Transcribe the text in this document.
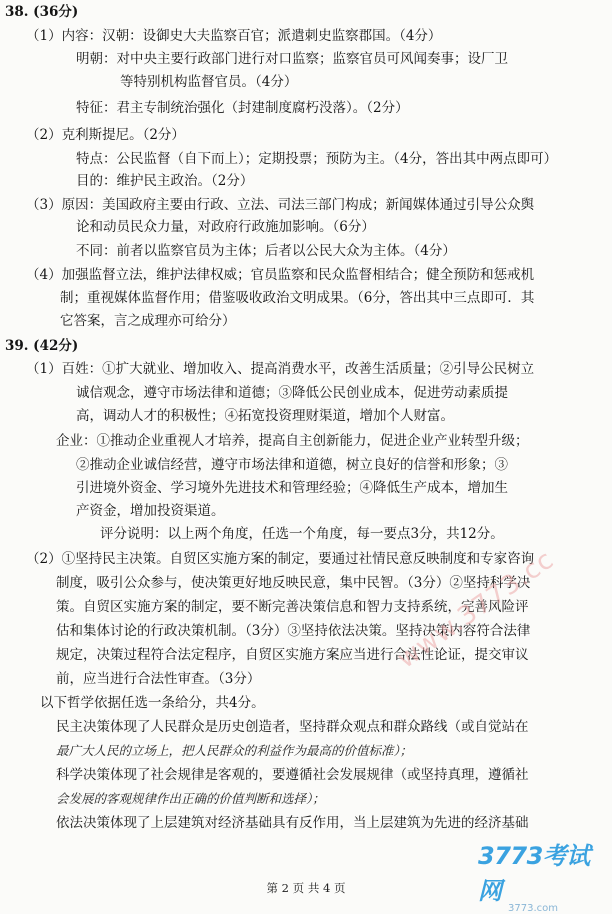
38. (36分)
（1）内容：汉朝：设御史大夫监察百官；派遣刺史监察郡国。（4分）
明朝：对中央主要行政部门进行对口监察；监察官员可风闻奏事；设厂卫
等特别机构监督官员。（4分）
特征：君主专制统治强化（封建制度腐朽没落）。（2分）
（2）克利斯提尼。（2分）
特点：公民监督（自下而上）；定期投票；预防为主。（4分，答出其中两点即可）
目的：维护民主政治。（2分）
（3）原因：美国政府主要由行政、立法、司法三部门构成；新闻媒体通过引导公众舆
论和动员民众力量，对政府行政施加影响。（6分）
不同：前者以监察官员为主体；后者以公民大众为主体。（4分）
（4）加强监督立法，维护法律权威；官员监察和民众监督相结合；健全预防和惩戒机
制；重视媒体监督作用；借鉴吸收政治文明成果。（6分，答出其中三点即可．其
它答案，言之成理亦可给分）
39. (42分)
（1）百姓：①扩大就业、增加收入、提高消费水平，改善生活质量；②引导公民树立
诚信观念，遵守市场法律和道德；③降低公民创业成本，促进劳动素质提
高，调动人才的积极性；④拓宽投资理财渠道，增加个人财富。
企业：①推动企业重视人才培养，提高自主创新能力，促进企业产业转型升级；
②推动企业诚信经营，遵守市场法律和道德，树立良好的信誉和形象；③
引进境外资金、学习境外先进技术和管理经验；④降低生产成本，增加生
产资金，增加投资渠道。
评分说明：以上两个角度，任选一个角度，每一要点3分，共12分。
（2）①坚持民主决策。自贸区实施方案的制定，要通过社情民意反映制度和专家咨询
制度，吸引公众参与，使决策更好地反映民意，集中民智。（3分）②坚持科学决
策。自贸区实施方案的制定，要不断完善决策信息和智力支持系统，完善风险评
估和集体讨论的行政决策机制。（3分）③坚持依法决策。坚持决策内容符合法律
规定，决策过程符合法定程序，自贸区实施方案应当进行合法性论证，提交审议
前，应当进行合法性审查。（3分）
以下哲学依据任选一条给分，共4分。
民主决策体现了人民群众是历史创造者，坚持群众观点和群众路线（或自觉站在
最广大人民的立场上，把人民群众的利益作为最高的价值标准）；
科学决策体现了社会规律是客观的，要遵循社会发展规律（或坚持真理，遵循社
会发展的客观规律作出正确的价值判断和选择）；
依法决策体现了上层建筑对经济基础具有反作用，当上层建筑为先进的经济基础
www.3773.cc
3773考试网
3773.com
第 2 页 共 4 页
